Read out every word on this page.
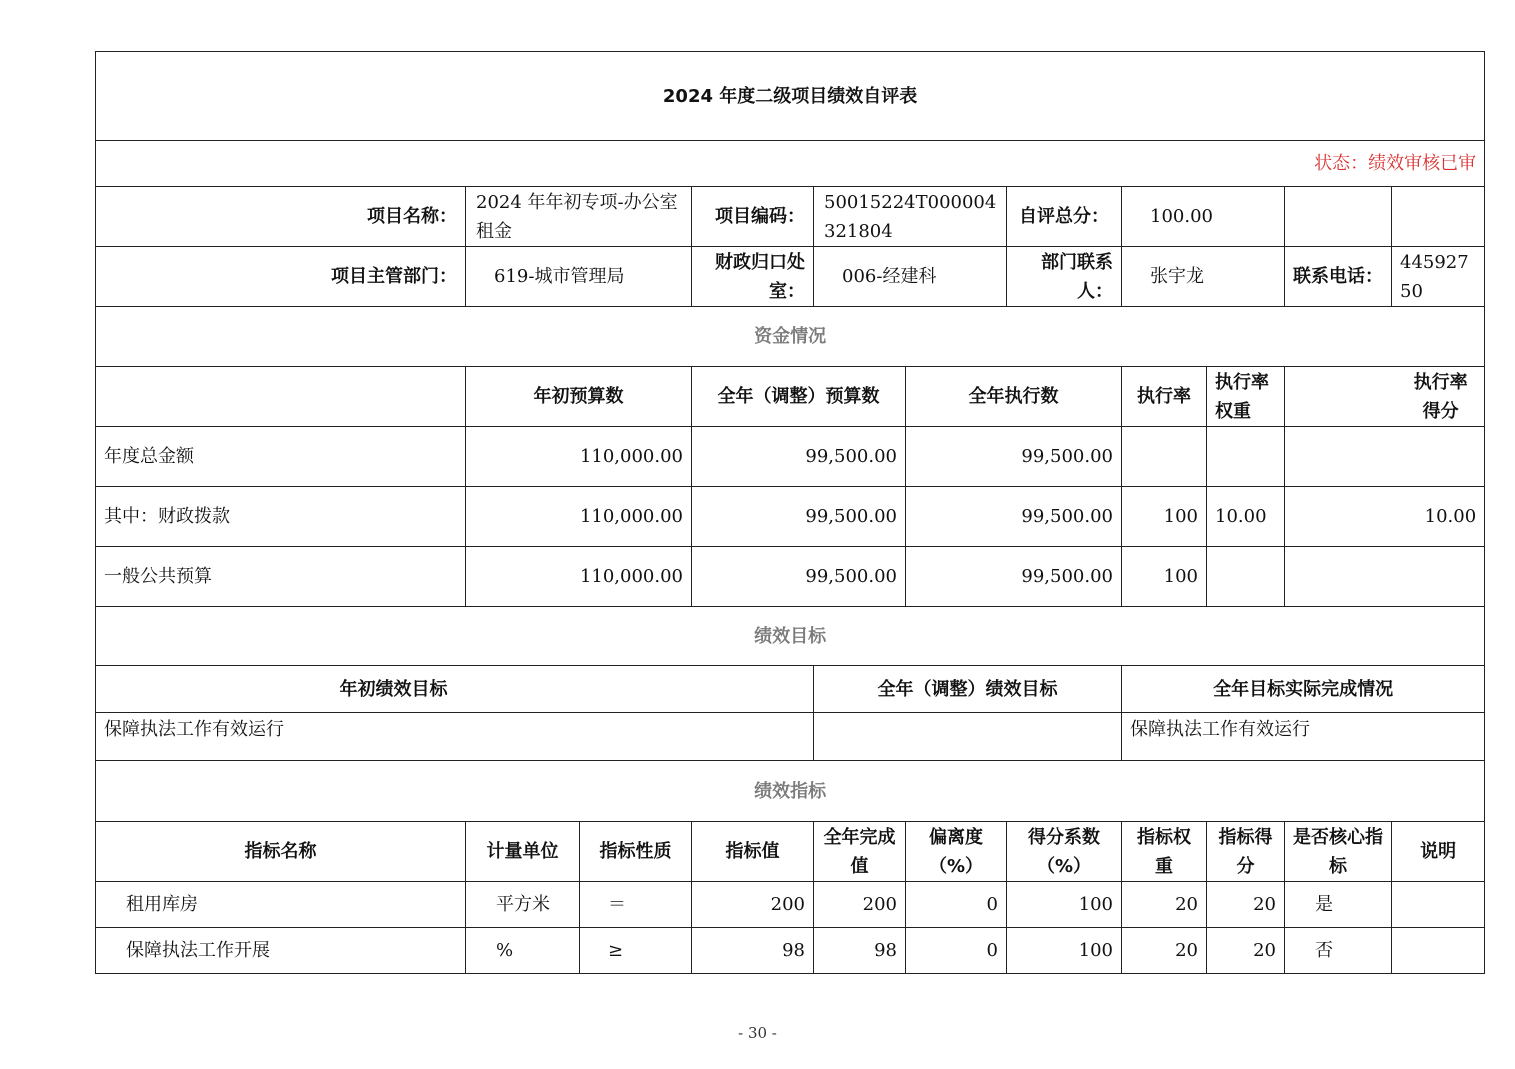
2024 年度二级项目绩效自评表										
状态：绩效审核已审										
项目名称：	2024 年年初专项-办公室租金		项目编码：	50015224T000004321804		自评总分：	100.00			
项目主管部门：	619-城市管理局		财政归口处室：	006-经建科		部门联系人：	张宇龙		联系电话：	44592750
资金情况										
	年初预算数		全年（调整）预算数		全年执行数		执行率	执行率权重	执行率得分	
年度总金额	110,000.00		99,500.00		99,500.00					
其中：财政拨款	110,000.00		99,500.00		99,500.00		100	10.00	10.00	
一般公共预算	110,000.00		99,500.00		99,500.00		100			
绩效目标										
年初绩效目标				全年（调整）绩效目标			全年目标实际完成情况			
保障执法工作有效运行							保障执法工作有效运行			
绩效指标										
指标名称	计量单位	指标性质	指标值	全年完成值	偏离度（%）	得分系数（%）	指标权重	指标得分	是否核心指标	说明
租用库房	平方米	＝	200	200	0	100	20	20	是	
保障执法工作开展	%	≥	98	98	0	100	20	20	否	
- 30 -
